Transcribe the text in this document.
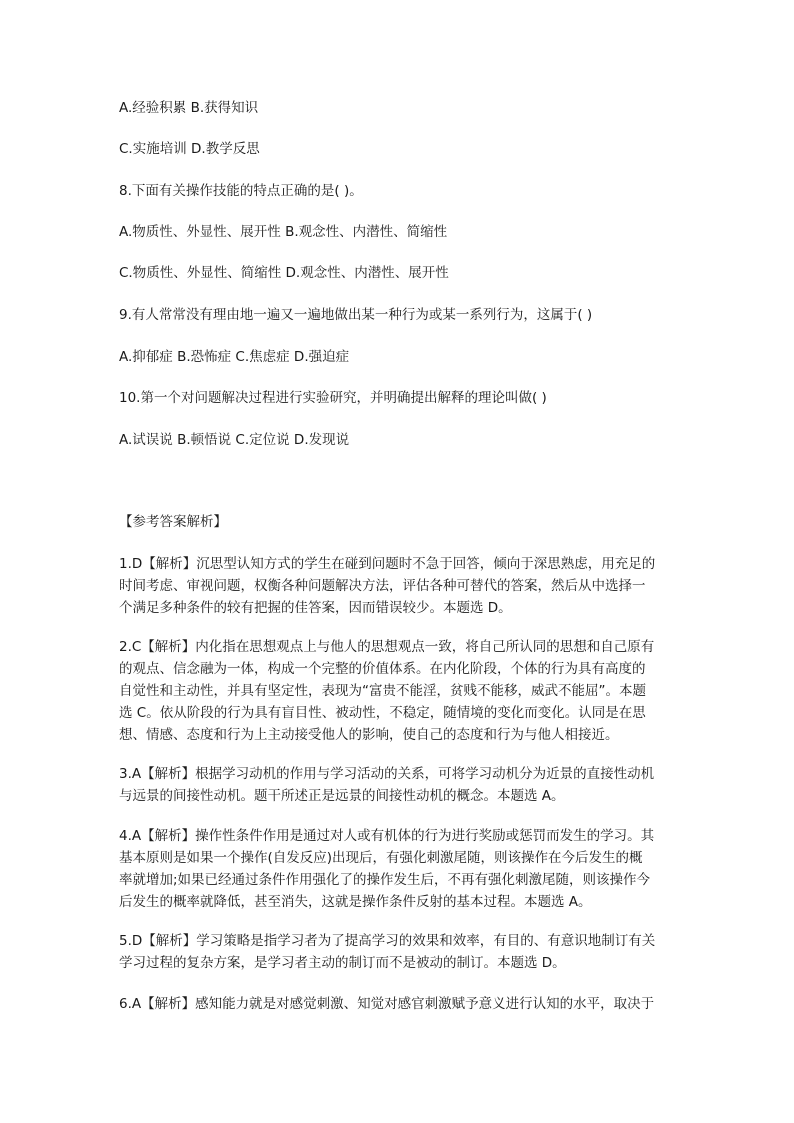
A.经验积累 B.获得知识
C.实施培训 D.教学反思
8.下面有关操作技能的特点正确的是( )。
A.物质性、外显性、展开性 B.观念性、内潜性、简缩性
C.物质性、外显性、简缩性 D.观念性、内潜性、展开性
9.有人常常没有理由地一遍又一遍地做出某一种行为或某一系列行为，这属于( )
A.抑郁症 B.恐怖症 C.焦虑症 D.强迫症
10.第一个对问题解决过程进行实验研究，并明确提出解释的理论叫做( )
A.试误说 B.顿悟说 C.定位说 D.发现说
【参考答案解析】
1.D【解析】沉思型认知方式的学生在碰到问题时不急于回答，倾向于深思熟虑，用充足的
时间考虑、审视问题，权衡各种问题解决方法，评估各种可替代的答案，然后从中选择一
个满足多种条件的较有把握的佳答案，因而错误较少。本题选 D。
2.C【解析】内化指在思想观点上与他人的思想观点一致，将自己所认同的思想和自己原有
的观点、信念融为一体，构成一个完整的价值体系。在内化阶段，个体的行为具有高度的
自觉性和主动性，并具有坚定性，表现为“富贵不能淫，贫贱不能移，威武不能屈”。本题
选 C。依从阶段的行为具有盲目性、被动性，不稳定，随情境的变化而变化。认同是在思
想、情感、态度和行为上主动接受他人的影响，使自己的态度和行为与他人相接近。
3.A【解析】根据学习动机的作用与学习活动的关系，可将学习动机分为近景的直接性动机
与远景的间接性动机。题干所述正是远景的间接性动机的概念。本题选 A。
4.A【解析】操作性条件作用是通过对人或有机体的行为进行奖励或惩罚而发生的学习。其
基本原则是如果一个操作(自发反应)出现后，有强化刺激尾随，则该操作在今后发生的概
率就增加;如果已经通过条件作用强化了的操作发生后，不再有强化刺激尾随，则该操作今
后发生的概率就降低，甚至消失，这就是操作条件反射的基本过程。本题选 A。
5.D【解析】学习策略是指学习者为了提高学习的效果和效率，有目的、有意识地制订有关
学习过程的复杂方案，是学习者主动的制订而不是被动的制订。本题选 D。
6.A【解析】感知能力就是对感觉刺激、知觉对感官刺激赋予意义进行认知的水平，取决于
